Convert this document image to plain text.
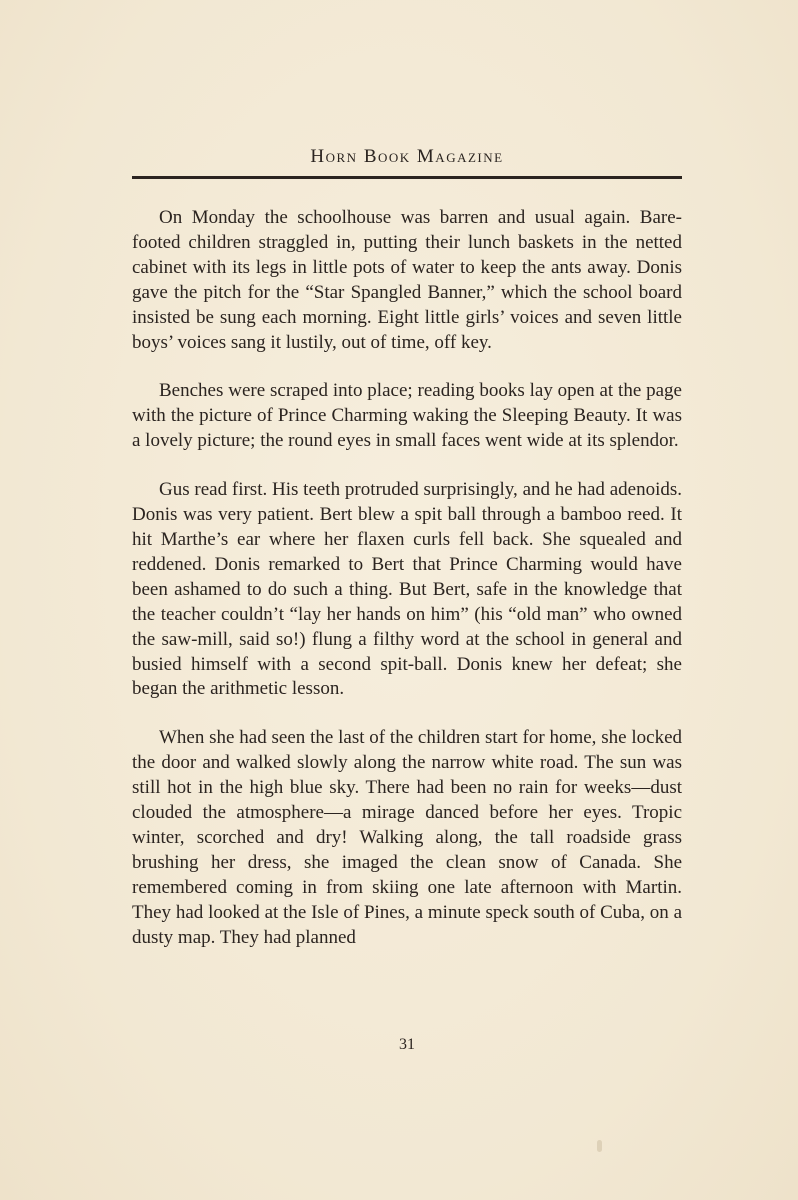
Horn Book Magazine

On Monday the schoolhouse was barren and usual again. Bare-footed children straggled in, putting their lunch baskets in the netted cabinet with its legs in little pots of water to keep the ants away. Donis gave the pitch for the “Star Spangled Banner,” which the school board insisted be sung each morning. Eight little girls’ voices and seven little boys’ voices sang it lustily, out of time, off key.

Benches were scraped into place; reading books lay open at the page with the picture of Prince Charming waking the Sleeping Beauty. It was a lovely picture; the round eyes in small faces went wide at its splendor.

Gus read first. His teeth protruded surprisingly, and he had adenoids. Donis was very patient. Bert blew a spit ball through a bamboo reed. It hit Marthe’s ear where her flaxen curls fell back. She squealed and reddened. Donis remarked to Bert that Prince Charming would have been ashamed to do such a thing. But Bert, safe in the knowledge that the teacher couldn’t “lay her hands on him” (his “old man” who owned the saw-mill, said so!) flung a filthy word at the school in general and busied himself with a second spit-ball. Donis knew her defeat; she began the arithmetic lesson.

When she had seen the last of the children start for home, she locked the door and walked slowly along the narrow white road. The sun was still hot in the high blue sky. There had been no rain for weeks—dust clouded the atmosphere—a mirage danced before her eyes. Tropic winter, scorched and dry! Walking along, the tall roadside grass brushing her dress, she imaged the clean snow of Canada. She remembered coming in from skiing one late afternoon with Martin. They had looked at the Isle of Pines, a minute speck south of Cuba, on a dusty map. They had planned

31
